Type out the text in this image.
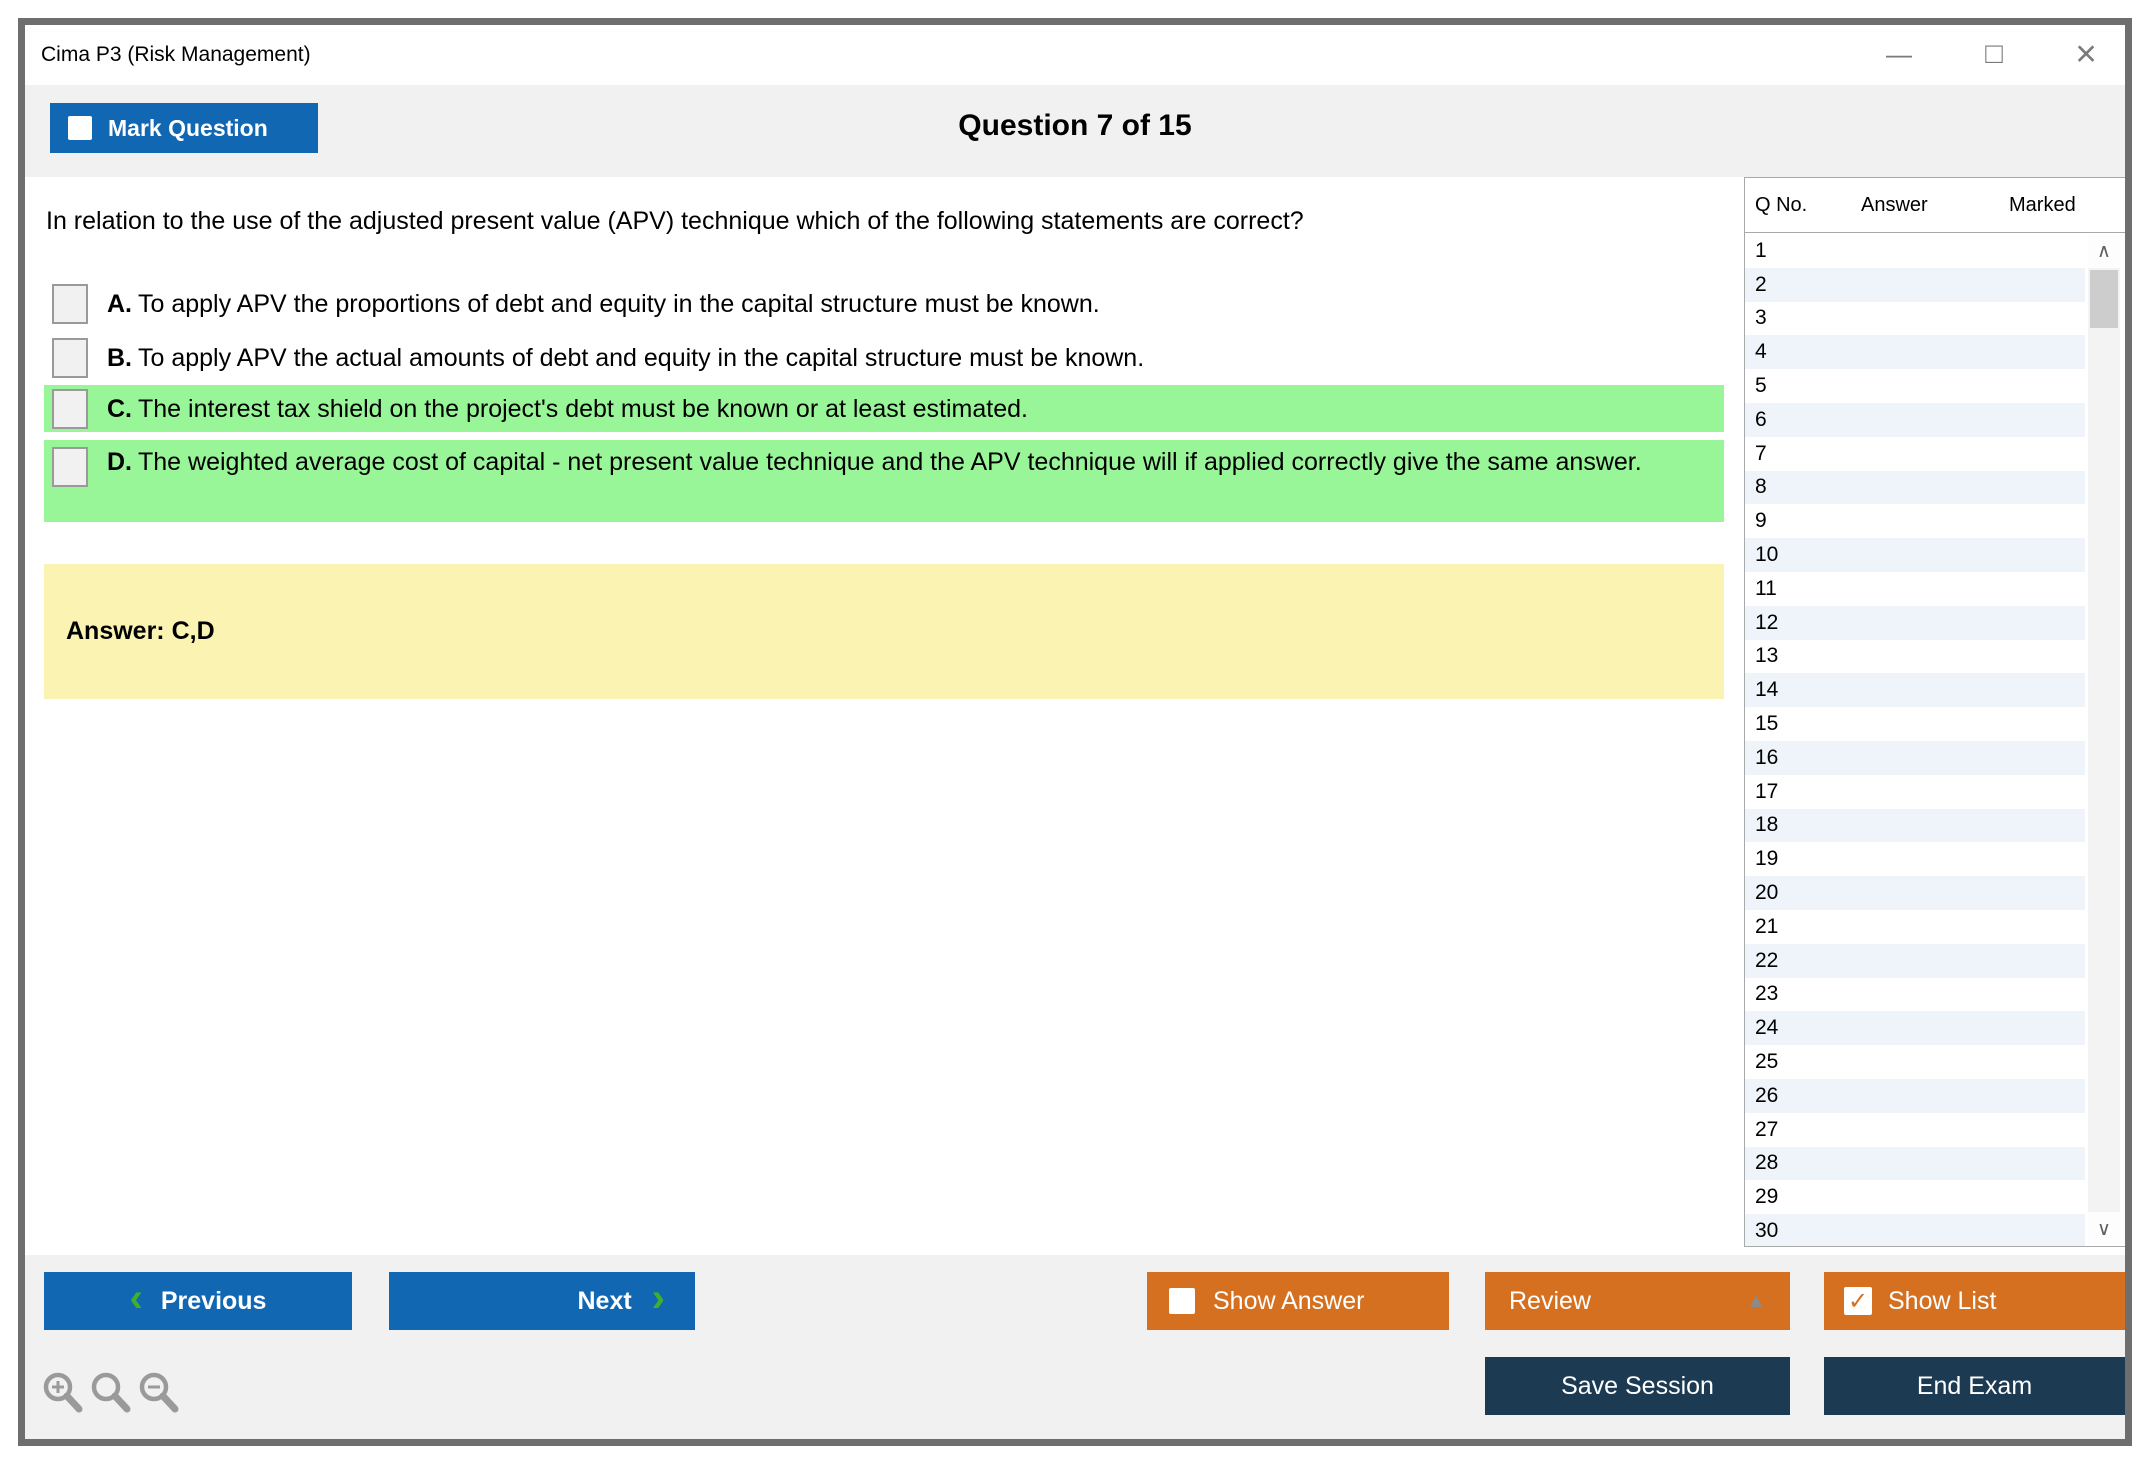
Cima P3 (Risk Management)	—	□ ×
Mark Question	Question 7 of 15
In relation to the use of the adjusted present value (APV) technique which of the following statements are correct?
A. To apply APV the proportions of debt and equity in the capital structure must be known.
B. To apply APV the actual amounts of debt and equity in the capital structure must be known.
C. The interest tax shield on the project's debt must be known or at least estimated.
D. The weighted average cost of capital - net present value technique and the APV technique will if applied correctly give the same answer.
Answer: C,D
Q No.	Answer	Marked
1
2
3
4
5
6
7
8
9
10
11
12
13
14
15
16
17
18
19
20
21
22
23
24
25
26
27
28
29
30
∧
∨
‹ Previous	Next ›	Show Answer	Review	▲	✓ Show List
Save Session	End Exam
